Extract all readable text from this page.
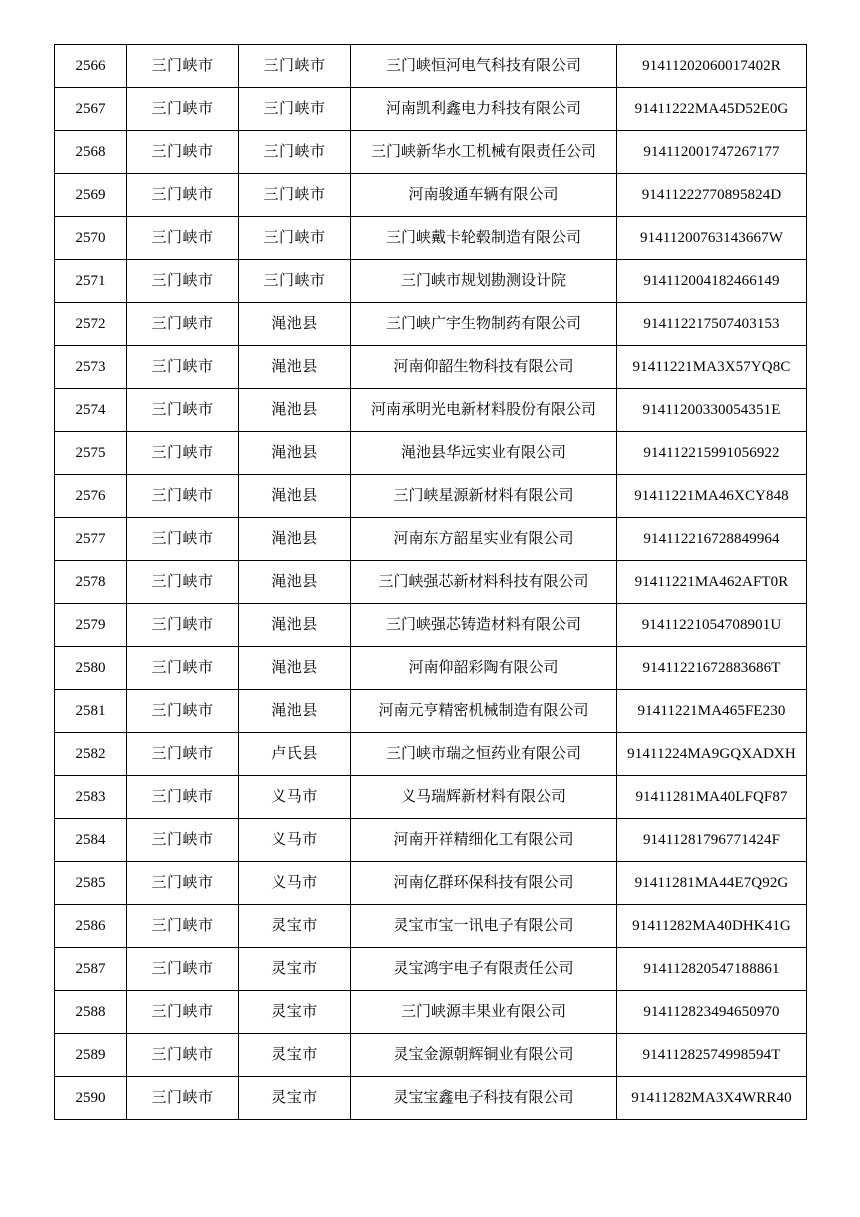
2566	三门峡市	三门峡市	三门峡恒河电气科技有限公司	91411202060017402R
2567	三门峡市	三门峡市	河南凯利鑫电力科技有限公司	91411222MA45D52E0G
2568	三门峡市	三门峡市	三门峡新华水工机械有限责任公司	914112001747267177
2569	三门峡市	三门峡市	河南骏通车辆有限公司	91411222770895824D
2570	三门峡市	三门峡市	三门峡戴卡轮毂制造有限公司	91411200763143667W
2571	三门峡市	三门峡市	三门峡市规划勘测设计院	914112004182466149
2572	三门峡市	渑池县	三门峡广宇生物制药有限公司	914112217507403153
2573	三门峡市	渑池县	河南仰韶生物科技有限公司	91411221MA3X57YQ8C
2574	三门峡市	渑池县	河南承明光电新材料股份有限公司	91411200330054351E
2575	三门峡市	渑池县	渑池县华远实业有限公司	914112215991056922
2576	三门峡市	渑池县	三门峡星源新材料有限公司	91411221MA46XCY848
2577	三门峡市	渑池县	河南东方韶星实业有限公司	914112216728849964
2578	三门峡市	渑池县	三门峡强芯新材料科技有限公司	91411221MA462AFT0R
2579	三门峡市	渑池县	三门峡强芯铸造材料有限公司	91411221054708901U
2580	三门峡市	渑池县	河南仰韶彩陶有限公司	91411221672883686T
2581	三门峡市	渑池县	河南元亨精密机械制造有限公司	91411221MA465FE230
2582	三门峡市	卢氏县	三门峡市瑞之恒药业有限公司	91411224MA9GQXADXH
2583	三门峡市	义马市	义马瑞辉新材料有限公司	91411281MA40LFQF87
2584	三门峡市	义马市	河南开祥精细化工有限公司	91411281796771424F
2585	三门峡市	义马市	河南亿群环保科技有限公司	91411281MA44E7Q92G
2586	三门峡市	灵宝市	灵宝市宝一讯电子有限公司	91411282MA40DHK41G
2587	三门峡市	灵宝市	灵宝鸿宇电子有限责任公司	914112820547188861
2588	三门峡市	灵宝市	三门峡源丰果业有限公司	914112823494650970
2589	三门峡市	灵宝市	灵宝金源朝辉铜业有限公司	91411282574998594T
2590	三门峡市	灵宝市	灵宝宝鑫电子科技有限公司	91411282MA3X4WRR40
